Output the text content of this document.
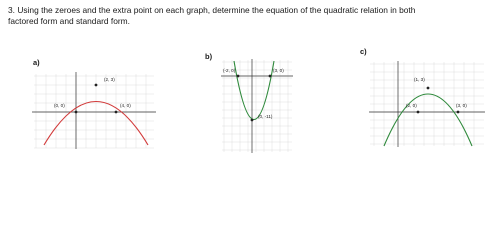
3. Using the zeroes and the extra point on each graph, determine the equation of the quadratic relation in both
factored form and standard form.

a)
b)
c)
(2, 3)
(0, 0)	(4, 0)
(-2, 0)	(3, 0)
(0, -11)
(1, 3)
(2, 0)	(3, 0)
